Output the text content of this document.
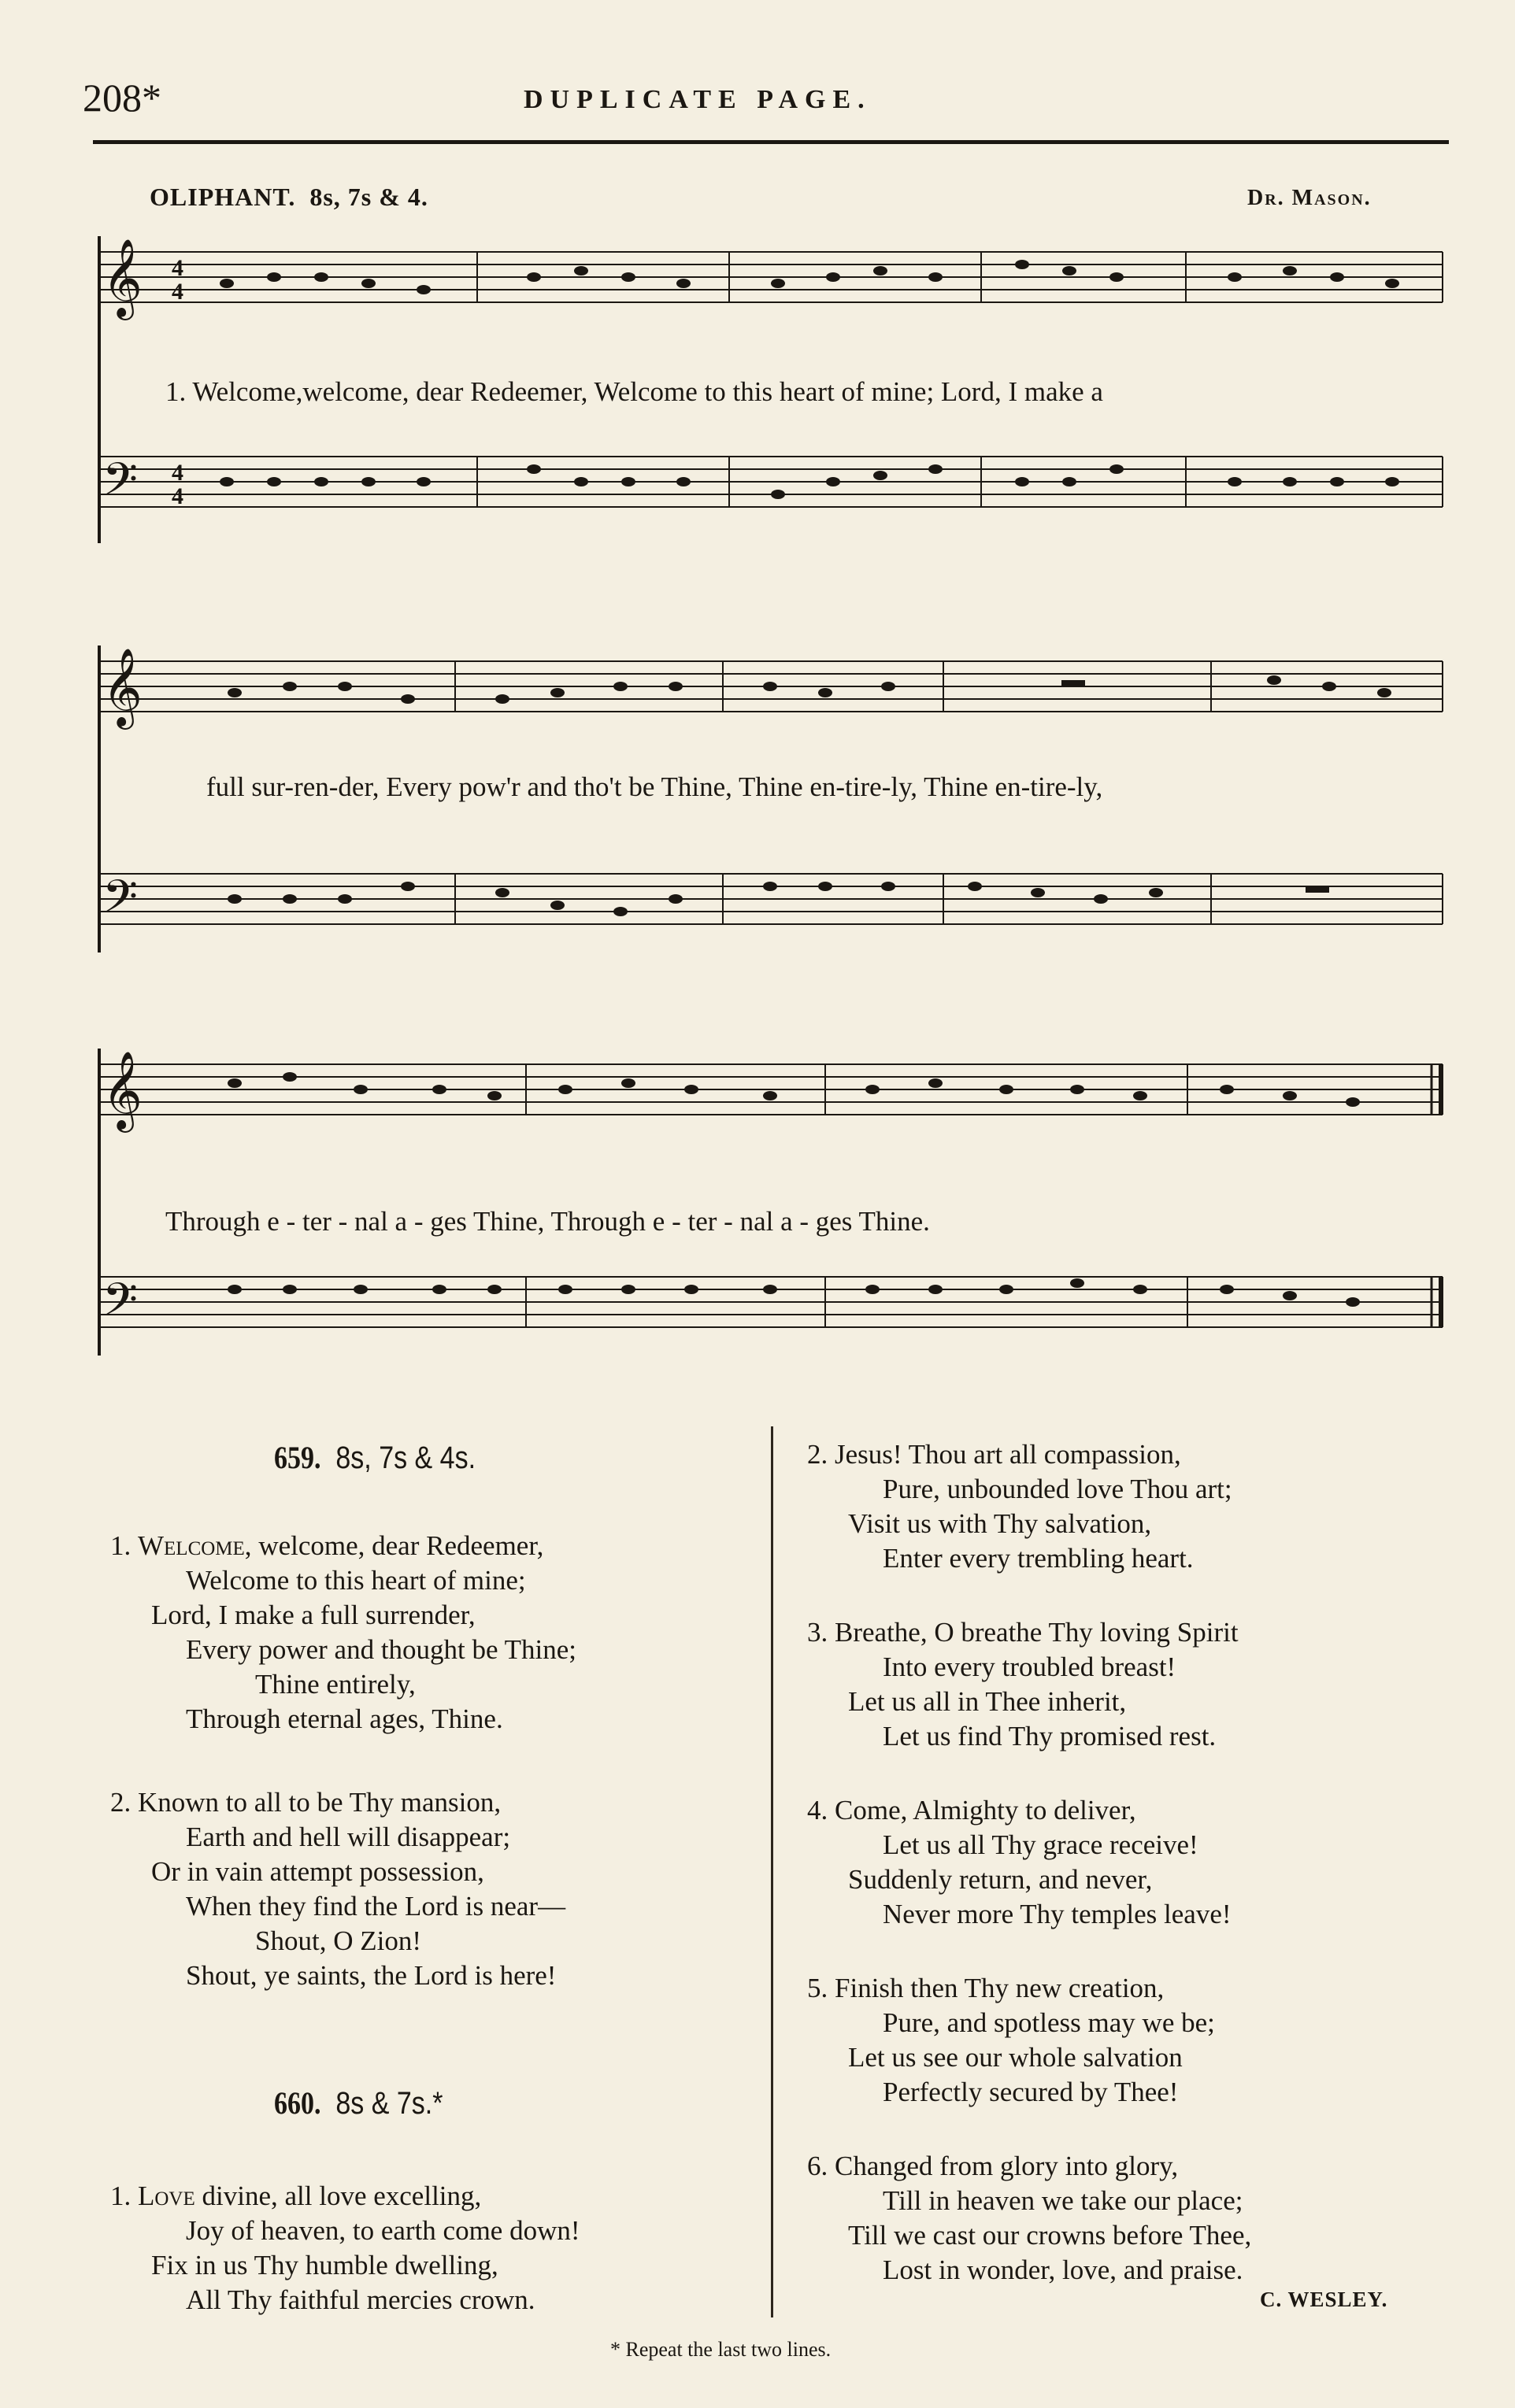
208*	DUPLICATE PAGE.
OLIPHANT. 8s, 7s & 4.	Dr. Mason.
𝄞
𝄢
4
4
4
4
1. Welcome,welcome, dear Redeemer, Welcome to this heart of mine; Lord, I make a
𝄞
𝄢
full sur-ren-der, Every pow'r and tho't be Thine, Thine en-tire-ly, Thine en-tire-ly,
𝄞
𝄢
Through e - ter - nal a - ges Thine, Through e - ter - nal a - ges Thine.
659. 8s, 7s & 4s.
1. Welcome, welcome, dear Redeemer,
Welcome to this heart of mine;
Lord, I make a full surrender,
Every power and thought be Thine;
Thine entirely,
Through eternal ages, Thine.
2. Known to all to be Thy mansion,
Earth and hell will disappear;
Or in vain attempt possession,
When they find the Lord is near—
Shout, O Zion!
Shout, ye saints, the Lord is here!
660. 8s & 7s.*
1. Love divine, all love excelling,
Joy of heaven, to earth come down!
Fix in us Thy humble dwelling,
All Thy faithful mercies crown.
2. Jesus! Thou art all compassion,
Pure, unbounded love Thou art;
Visit us with Thy salvation,
Enter every trembling heart.
3. Breathe, O breathe Thy loving Spirit
Into every troubled breast!
Let us all in Thee inherit,
Let us find Thy promised rest.
4. Come, Almighty to deliver,
Let us all Thy grace receive!
Suddenly return, and never,
Never more Thy temples leave!
5. Finish then Thy new creation,
Pure, and spotless may we be;
Let us see our whole salvation
Perfectly secured by Thee!
6. Changed from glory into glory,
Till in heaven we take our place;
Till we cast our crowns before Thee,
Lost in wonder, love, and praise.
C. WESLEY.
* Repeat the last two lines.
